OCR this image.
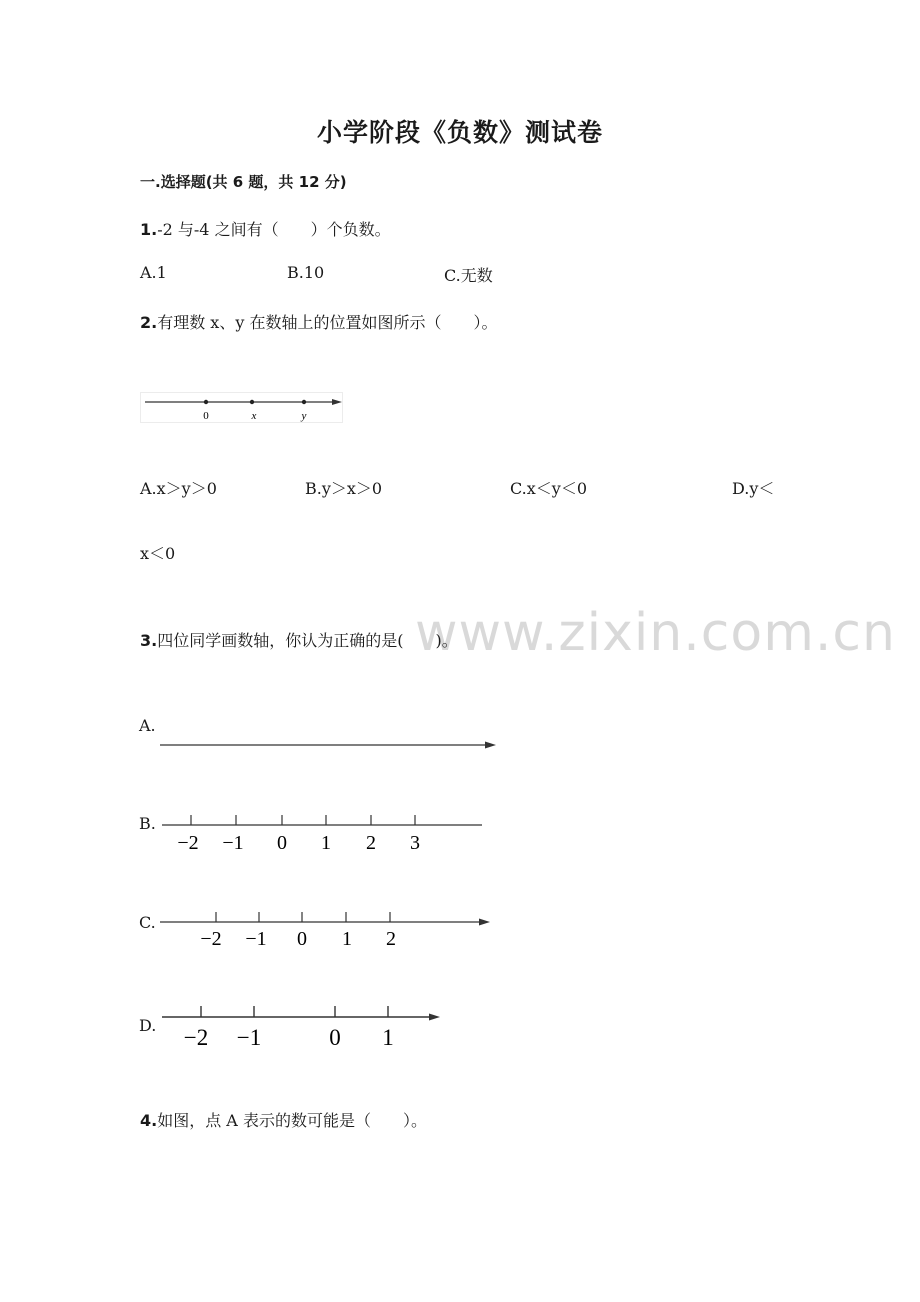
小学阶段《负数》测试卷
一.选择题(共 6 题，共 12 分)
www.zixin.com.cn
1.-2 与-4 之间有（　　）个负数。
A.1	B.10	C.无数
2.有理数 x、y 在数轴上的位置如图所示（　　）。
0	x	y
A.x＞y＞0	B.y＞x＞0	C.x＜y＜0	D.y＜
x＜0
3.四位同学画数轴，你认为正确的是(　　)。
A.
B.
−2 −1 0 1 2 3
C.
−2 −1 0 1 2
D. −2 −1	0 1
4.如图，点 A 表示的数可能是（　　）。
